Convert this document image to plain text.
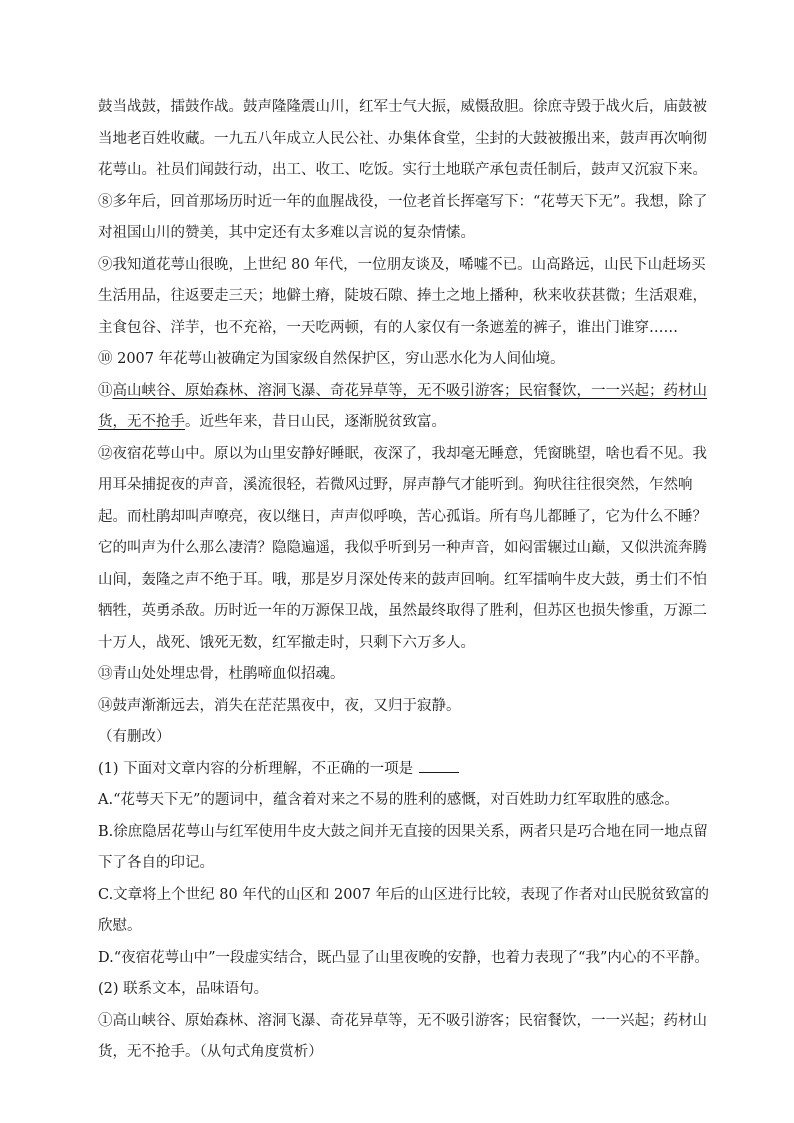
鼓当战鼓，擂鼓作战。鼓声隆隆震山川，红军士气大振，威慑敌胆。徐庶寺毁于战火后，庙鼓被当地老百姓收藏。一九五八年成立人民公社、办集体食堂，尘封的大鼓被搬出来，鼓声再次响彻花萼山。社员们闻鼓行动，出工、收工、吃饭。实行土地联产承包责任制后，鼓声又沉寂下来。

⑧多年后，回首那场历时近一年的血腥战役，一位老首长挥毫写下：“花萼天下无”。我想，除了对祖国山川的赞美，其中定还有太多难以言说的复杂情愫。

⑨我知道花萼山很晚，上世纪 80 年代，一位朋友谈及，唏嘘不已。山高路远，山民下山赶场买生活用品，往返要走三天；地僻土瘠，陡坡石隙、捧土之地上播种，秋来收获甚微；生活艰难，主食包谷、洋芋，也不充裕，一天吃两顿，有的人家仅有一条遮羞的裤子，谁出门谁穿……

⑩ 2007 年花萼山被确定为国家级自然保护区，穷山恶水化为人间仙境。

⑪高山峡谷、原始森林、溶洞飞瀑、奇花异草等，无不吸引游客；民宿餐饮，一一兴起；药材山货，无不抢手。近些年来，昔日山民，逐渐脱贫致富。

⑫夜宿花萼山中。原以为山里安静好睡眠，夜深了，我却毫无睡意，凭窗眺望，啥也看不见。我用耳朵捕捉夜的声音，溪流很轻，若微风过野，屏声静气才能听到。狗吠往往很突然，乍然响起。而杜鹃却叫声嘹亮，夜以继日，声声似呼唤，苦心孤诣。所有鸟儿都睡了，它为什么不睡？它的叫声为什么那么凄清？隐隐遍遥，我似乎听到另一种声音，如闷雷辗过山巅，又似洪流奔腾山间，轰隆之声不绝于耳。哦，那是岁月深处传来的鼓声回响。红军擂响牛皮大鼓，勇士们不怕牺牲，英勇杀敌。历时近一年的万源保卫战，虽然最终取得了胜利，但苏区也损失惨重，万源二十万人，战死、饿死无数，红军撤走时，只剩下六万多人。

⑬青山处处埋忠骨，杜鹃啼血似招魂。

⑭鼓声渐渐远去，消失在茫茫黑夜中，夜，又归于寂静。

（有删改）

(1) 下面对文章内容的分析理解，不正确的一项是

A.“花萼天下无”的题词中，蕴含着对来之不易的胜利的感慨，对百姓助力红军取胜的感念。

B.徐庶隐居花萼山与红军使用牛皮大鼓之间并无直接的因果关系，两者只是巧合地在同一地点留下了各自的印记。

C.文章将上个世纪 80 年代的山区和 2007 年后的山区进行比较，表现了作者对山民脱贫致富的欣慰。

D.“夜宿花萼山中”一段虚实结合，既凸显了山里夜晚的安静，也着力表现了“我”内心的不平静。

(2) 联系文本，品味语句。

①高山峡谷、原始森林、溶洞飞瀑、奇花异草等，无不吸引游客；民宿餐饮，一一兴起；药材山货，无不抢手。（从句式角度赏析）
